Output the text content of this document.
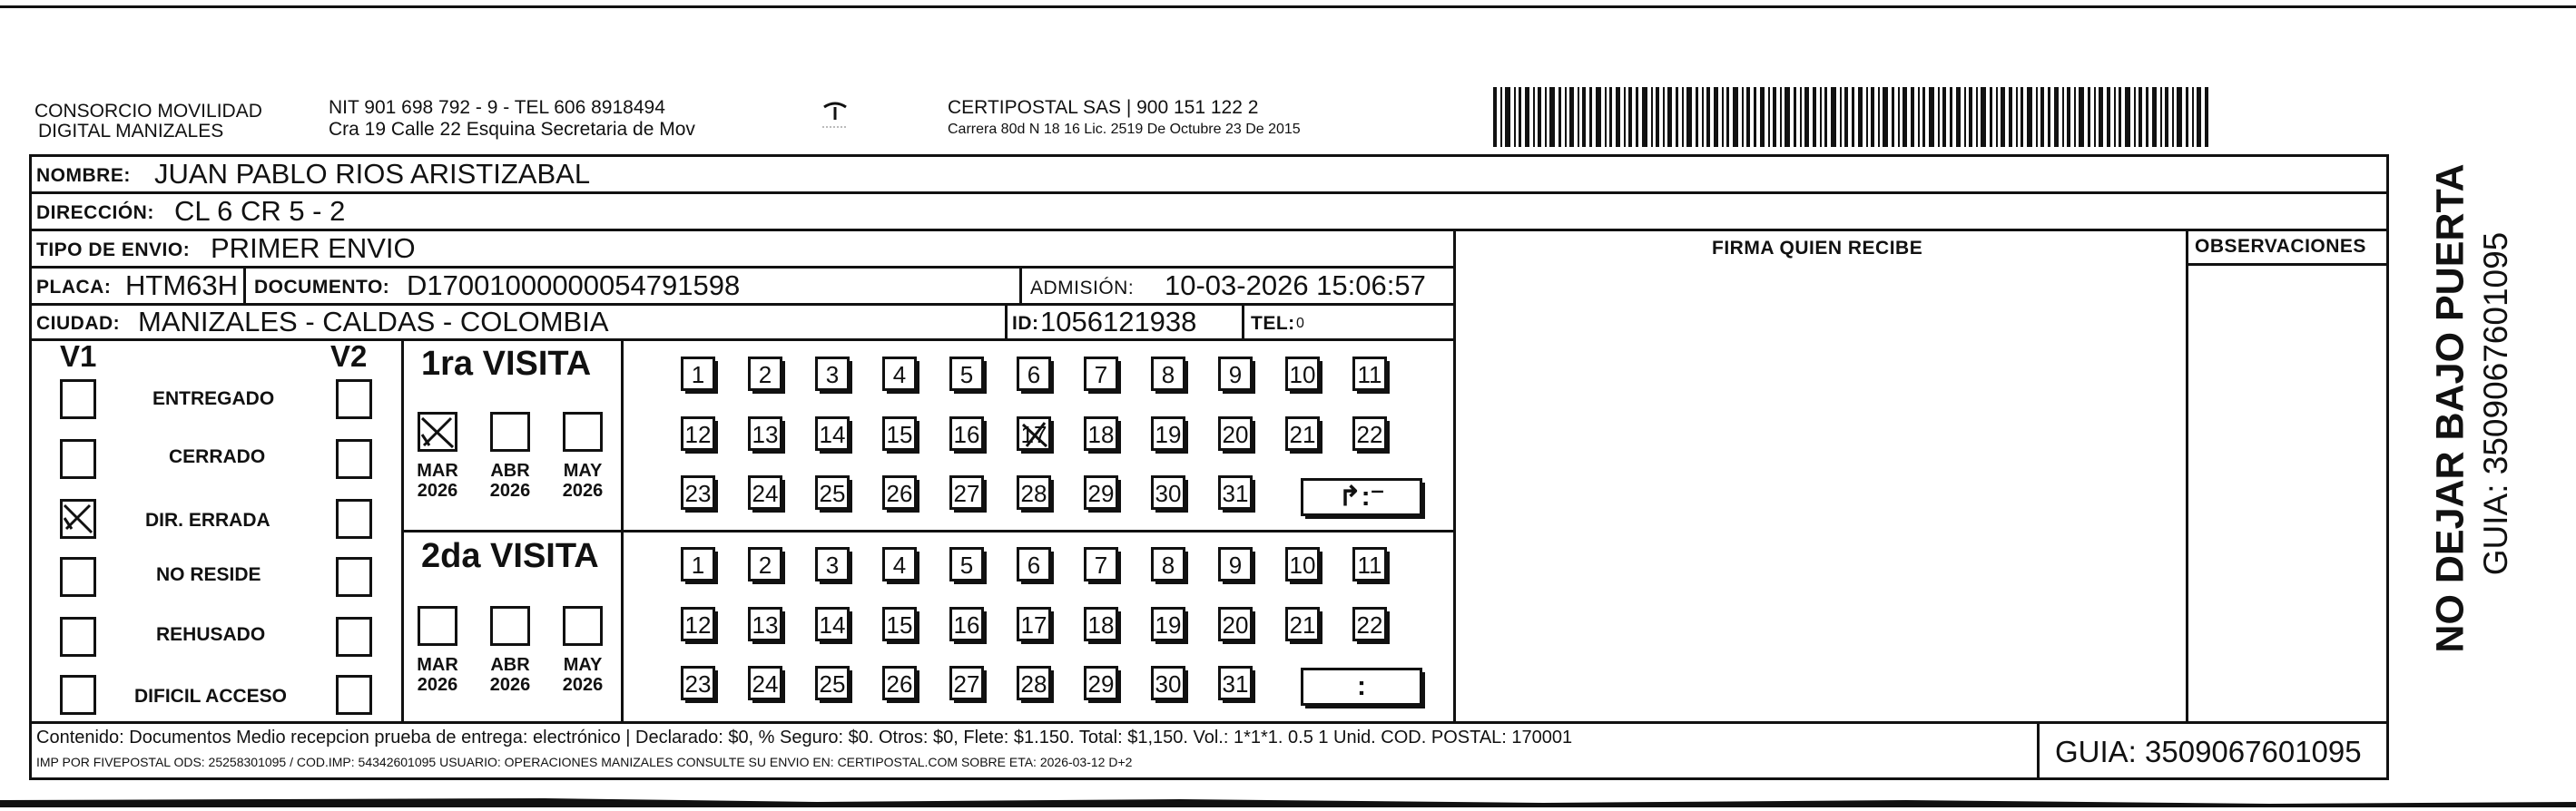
CONSORCIO MOVILIDAD
DIGITAL MANIZALES
NIT 901 698 792 - 9 - TEL 606 8918494
Cra 19 Calle 22 Esquina Secretaria de Mov
CERTIPOSTAL SAS | 900 151 122 2
Carrera 80d N 18 16 Lic. 2519 De Octubre 23 De 2015
NOMBRE: JUAN PABLO RIOS ARISTIZABAL
DIRECCIÓN: CL 6 CR 5 - 2
TIPO DE ENVIO: PRIMER ENVIO	FIRMA QUIEN RECIBE	OBSERVACIONES
PLACA: HTM63H DOCUMENTO: D17001000000054791598	ADMISIÓN: 10-03-2026 15:06:57
CIUDAD: MANIZALES - CALDAS - COLOMBIA	ID: 1056121938	TEL: 0
V1	V2
ENTREGADO
CERRADO
DIR. ERRADA
NO RESIDE
REHUSADO
DIFICIL ACCESO
1ra VISITA
MAR
2026
ABR
2026
MAY
2026
2da VISITA
MAR
2026
ABR
2026
MAY
2026
1	2	3	4	5	6	7	8	9	10 11
12 13 14 15 16 17 18 19 20 21 22
23 24 25 26 27 28 29 30 31
1	2	3	4	5	6	7	8	9	10 11
12 13 14 15 16 17 18 19 20 21 22
23 24 25 26 27 28 29 30 31
↱:⁻
:
Contenido: Documentos Medio recepcion prueba de entrega: electrónico | Declarado: $0, % Seguro: $0. Otros: $0, Flete: $1.150. Total: $1,150. Vol.: 1*1*1. 0.5 1 Unid. COD. POSTAL: 170001
IMP POR FIVEPOSTAL ODS: 25258301095 / COD.IMP: 54342601095 USUARIO: OPERACIONES MANIZALES CONSULTE SU ENVIO EN: CERTIPOSTAL.COM SOBRE ETA: 2026-03-12 D+2	GUIA: 3509067601095
NO DEJAR BAJO PUERTA GUIA: 3509067601095
